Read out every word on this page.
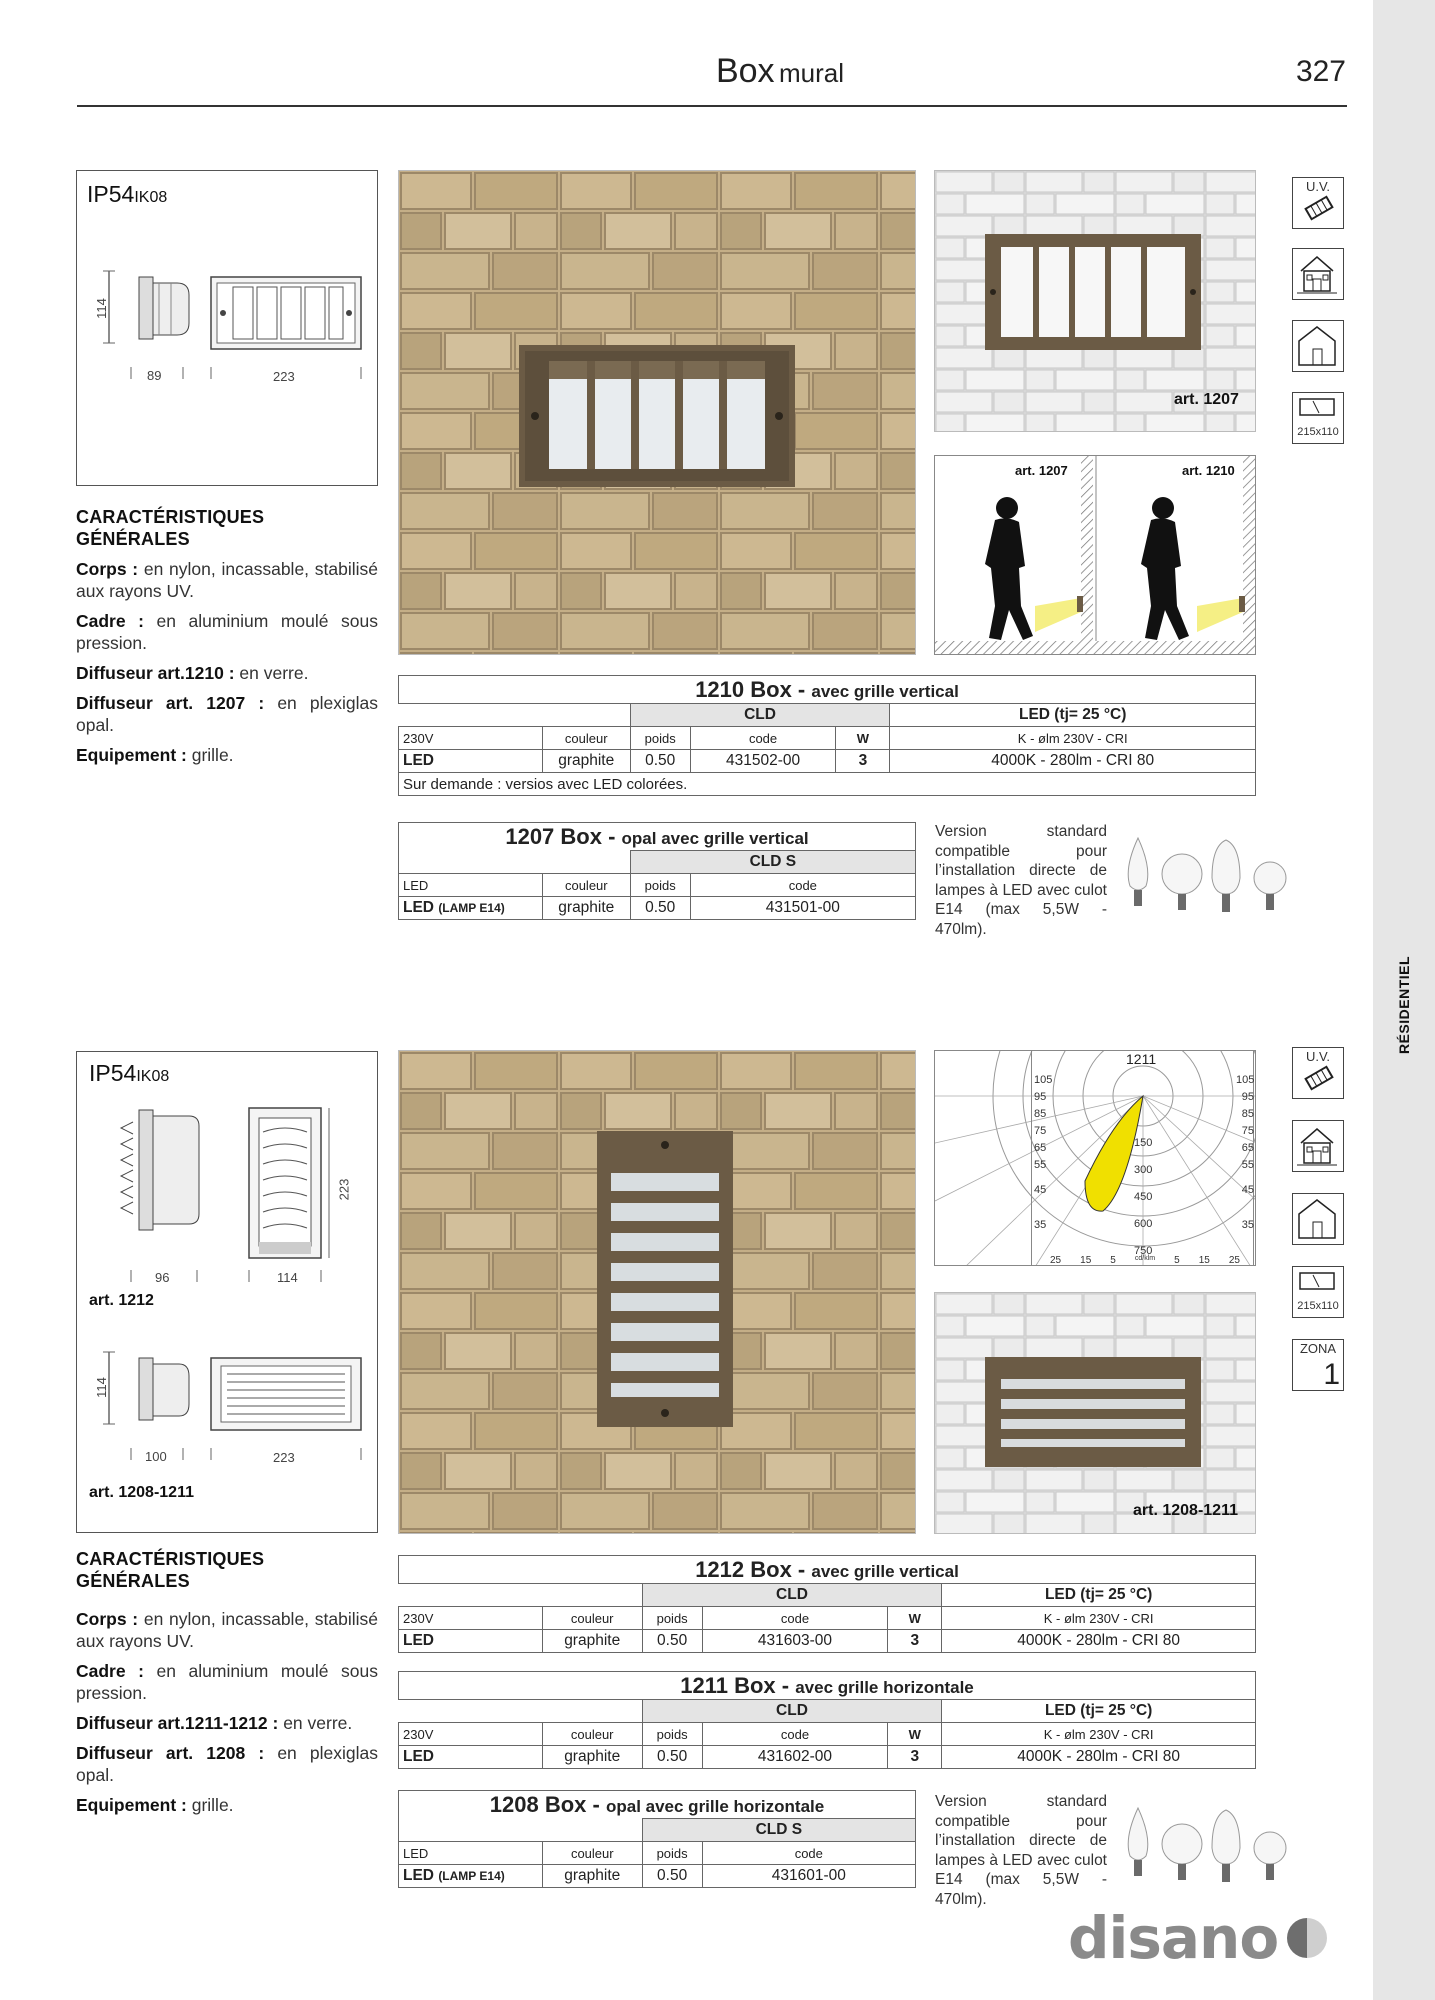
RÉSIDENTIEL
Box mural	327
IP54IK08
114
89	223
CARACTÉRISTIQUES GÉNÉRALES

Corps : en nylon, incassable, stabilisé aux rayons UV.

Cadre : en aluminium moulé sous pression.

Diffuseur art.1210 : en verre.

Diffuseur art. 1207 : en plexiglas opal.

Equipement : grille.

art. 1207
art. 1207	art. 1210
U.V.
215x110
1210 Box - avec grille vertical					
		CLD			LED (tj= 25 °C)
230V	couleur	poids	code	W	K - ølm 230V - CRI
LED	graphite	0.50	431502-00	3	4000K - 280lm - CRI 80
Sur demande : versios avec LED colorées.					
1207 Box - opal avec grille vertical			
		CLD S	
LED	couleur	poids	code
LED (LAMP E14)	graphite	0.50	431501-00
Version standard compatible pour l’installation directe de lampes à LED avec culot E14 (max 5,5W - 470lm).
IP54IK08
96	114
223
art. 1212
114
100	223
art. 1208-1211
CARACTÉRISTIQUES GÉNÉRALES

Corps : en nylon, incassable, stabilisé aux rayons UV.

Cadre : en aluminium moulé sous pression.

Diffuseur art.1211-1212 : en verre.

Diffuseur art. 1208 : en plexiglas opal.

Equipement : grille.

1211
105
95
85
75
65
55
45
35
105
95
85
75
65
55
45
35
150
300
450
600
750
25 15 5	cd/klm 5 15 25
art. 1208-1211
U.V.
215x110
ZONA
1
1212 Box - avec grille vertical					
		CLD			LED (tj= 25 °C)
230V	couleur	poids	code	W	K - ølm 230V - CRI
LED	graphite	0.50	431603-00	3	4000K - 280lm - CRI 80
1211 Box - avec grille horizontale					
		CLD			LED (tj= 25 °C)
230V	couleur	poids	code	W	K - ølm 230V - CRI
LED	graphite	0.50	431602-00	3	4000K - 280lm - CRI 80
1208 Box - opal avec grille horizontale			
		CLD S	
LED	couleur	poids	code
LED (LAMP E14)	graphite	0.50	431601-00
Version standard compatible pour l’installation directe de lampes à LED avec culot E14 (max 5,5W - 470lm).
disano
